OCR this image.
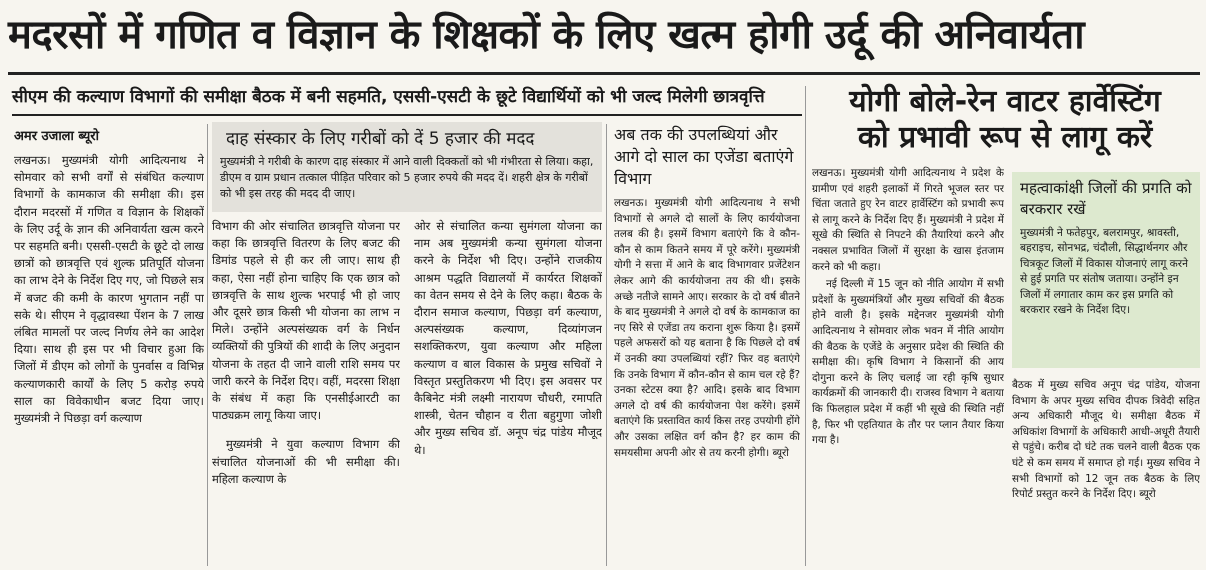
मदरसों में गणित व विज्ञान के शिक्षकों के लिए खत्म होगी उर्दू की अनिवार्यता
सीएम की कल्याण विभागों की समीक्षा बैठक में बनी सहमति, एससी-एसटी के छूटे विद्यार्थियों को भी जल्द मिलेगी छात्रवृत्ति
अमर उजाला ब्यूरो

लखनऊ। मुख्यमंत्री योगी आदित्यनाथ ने सोमवार को सभी वर्गों से संबंधित कल्याण विभागों के कामकाज की समीक्षा की। इस दौरान मदरसों में गणित व विज्ञान के शिक्षकों के लिए उर्दू के ज्ञान की अनिवार्यता खत्म करने पर सहमति बनी। एससी-एसटी के छूटे दो लाख छात्रों को छात्रवृत्ति एवं शुल्क प्रतिपूर्ति योजना का लाभ देने के निर्देश दिए गए, जो पिछले सत्र में बजट की कमी के कारण भुगतान नहीं पा सके थे। सीएम ने वृद्धावस्था पेंशन के 7 लाख लंबित मामलों पर जल्द निर्णय लेने का आदेश दिया। साथ ही इस पर भी विचार हुआ कि जिलों में डीएम को लोगों के पुनर्वास व विभिन्न कल्याणकारी कार्यों के लिए 5 करोड़ रुपये साल का विवेकाधीन बजट दिया जाए। मुख्यमंत्री ने पिछड़ा वर्ग कल्याण

दाह संस्कार के लिए गरीबों को दें 5 हजार की मदद
मुख्यमंत्री ने गरीबी के कारण दाह संस्कार में आने वाली दिक्कतों को भी गंभीरता से लिया। कहा, डीएम व ग्राम प्रधान तत्काल पीड़ित परिवार को 5 हजार रुपये की मदद दें। शहरी क्षेत्र के गरीबों को भी इस तरह की मदद दी जाए।

विभाग की ओर संचालित छात्रवृत्ति योजना पर कहा कि छात्रवृत्ति वितरण के लिए बजट की डिमांड पहले से ही कर ली जाए। साथ ही कहा, ऐसा नहीं होना चाहिए कि एक छात्र को छात्रवृत्ति के साथ शुल्क भरपाई भी हो जाए और दूसरे छात्र किसी भी योजना का लाभ न मिले। उन्होंने अल्पसंख्यक वर्ग के निर्धन व्यक्तियों की पुत्रियों की शादी के लिए अनुदान योजना के तहत दी जाने वाली राशि समय पर जारी करने के निर्देश दिए। वहीं, मदरसा शिक्षा के संबंध में कहा कि एनसीईआरटी का पाठ्यक्रम लागू किया जाए।

मुख्यमंत्री ने युवा कल्याण विभाग की संचालित योजनाओं की भी समीक्षा की। महिला कल्याण के

ओर से संचालित कन्या सुमंगला योजना का नाम अब मुख्यमंत्री कन्या सुमंगला योजना करने के निर्देश भी दिए। उन्होंने राजकीय आश्रम पद्धति विद्यालयों में कार्यरत शिक्षकों का वेतन समय से देने के लिए कहा। बैठक के दौरान समाज कल्याण, पिछड़ा वर्ग कल्याण, अल्पसंख्यक कल्याण, दिव्यांगजन सशक्तिकरण, युवा कल्याण और महिला कल्याण व बाल विकास के प्रमुख सचिवों ने विस्तृत प्रस्तुतिकरण भी दिए। इस अवसर पर कैबिनेट मंत्री लक्ष्मी नारायण चौधरी, रमापति शास्त्री, चेतन चौहान व रीता बहुगुणा जोशी और मुख्य सचिव डॉ. अनूप चंद्र पांडेय मौजूद थे।

अब तक की उपलब्धियां और आगे दो साल का एजेंडा बताएंगे विभाग

लखनऊ। मुख्यमंत्री योगी आदित्यनाथ ने सभी विभागों से अगले दो सालों के लिए कार्ययोजना तलब की है। इसमें विभाग बताएंगे कि वे कौन-कौन से काम कितने समय में पूरे करेंगे। मुख्यमंत्री योगी ने सत्ता में आने के बाद विभागवार प्रजेंटेशन लेकर आगे की कार्ययोजना तय की थी। इसके अच्छे नतीजे सामने आए। सरकार के दो वर्ष बीतने के बाद मुख्यमंत्री ने अगले दो वर्ष के कामकाज का नए सिरे से एजेंडा तय कराना शुरू किया है। इसमें पहले अफसरों को यह बताना है कि पिछले दो वर्ष में उनकी क्या उपलब्धियां रहीं? फिर वह बताएंगे कि उनके विभाग में कौन-कौन से काम चल रहे हैं? उनका स्टेटस क्या है? आदि। इसके बाद विभाग अगले दो वर्ष की कार्ययोजना पेश करेंगे। इसमें बताएंगे कि प्रस्तावित कार्य किस तरह उपयोगी होंगे और उसका लक्षित वर्ग कौन है? हर काम की समयसीमा अपनी ओर से तय करनी होगी। ब्यूरो

योगी बोले-रेन वाटर हार्वेस्टिंग
को प्रभावी रूप से लागू करें

लखनऊ। मुख्यमंत्री योगी आदित्यनाथ ने प्रदेश के ग्रामीण एवं शहरी इलाकों में गिरते भूजल स्तर पर चिंता जताते हुए रेन वाटर हार्वेस्टिंग को प्रभावी रूप से लागू करने के निर्देश दिए हैं। मुख्यमंत्री ने प्रदेश में सूखे की स्थिति से निपटने की तैयारियां करने और नक्सल प्रभावित जिलों में सुरक्षा के खास इंतजाम करने को भी कहा।

नई दिल्ली में 15 जून को नीति आयोग में सभी प्रदेशों के मुख्यमंत्रियों और मुख्य सचिवों की बैठक होने वाली है। इसके मद्देनजर मुख्यमंत्री योगी आदित्यनाथ ने सोमवार लोक भवन में नीति आयोग की बैठक के एजेंडे के अनुसार प्रदेश की स्थिति की समीक्षा की। कृषि विभाग ने किसानों की आय दोगुना करने के लिए चलाई जा रही कृषि सुधार कार्यक्रमों की जानकारी दी। राजस्व विभाग ने बताया कि फिलहाल प्रदेश में कहीं भी सूखे की स्थिति नहीं है, फिर भी एहतियात के तौर पर प्लान तैयार किया गया है।

महत्वाकांक्षी जिलों की प्रगति को बरकरार रखें
मुख्यमंत्री ने फतेहपुर, बलरामपुर, श्रावस्ती, बहराइच, सोनभद्र, चंदौली, सिद्धार्थनगर और चित्रकूट जिलों में विकास योजनाएं लागू करने से हुई प्रगति पर संतोष जताया। उन्होंने इन जिलों में लगातार काम कर इस प्रगति को बरकरार रखने के निर्देश दिए।

बैठक में मुख्य सचिव अनूप चंद्र पांडेय, योजना विभाग के अपर मुख्य सचिव दीपक त्रिवेदी सहित अन्य अधिकारी मौजूद थे। समीक्षा बैठक में अधिकांश विभागों के अधिकारी आधी-अधूरी तैयारी से पहुंचे। करीब दो घंटे तक चलने वाली बैठक एक घंटे से कम समय में समाप्त हो गई। मुख्य सचिव ने सभी विभागों को 12 जून तक बैठक के लिए रिपोर्ट प्रस्तुत करने के निर्देश दिए। ब्यूरो
